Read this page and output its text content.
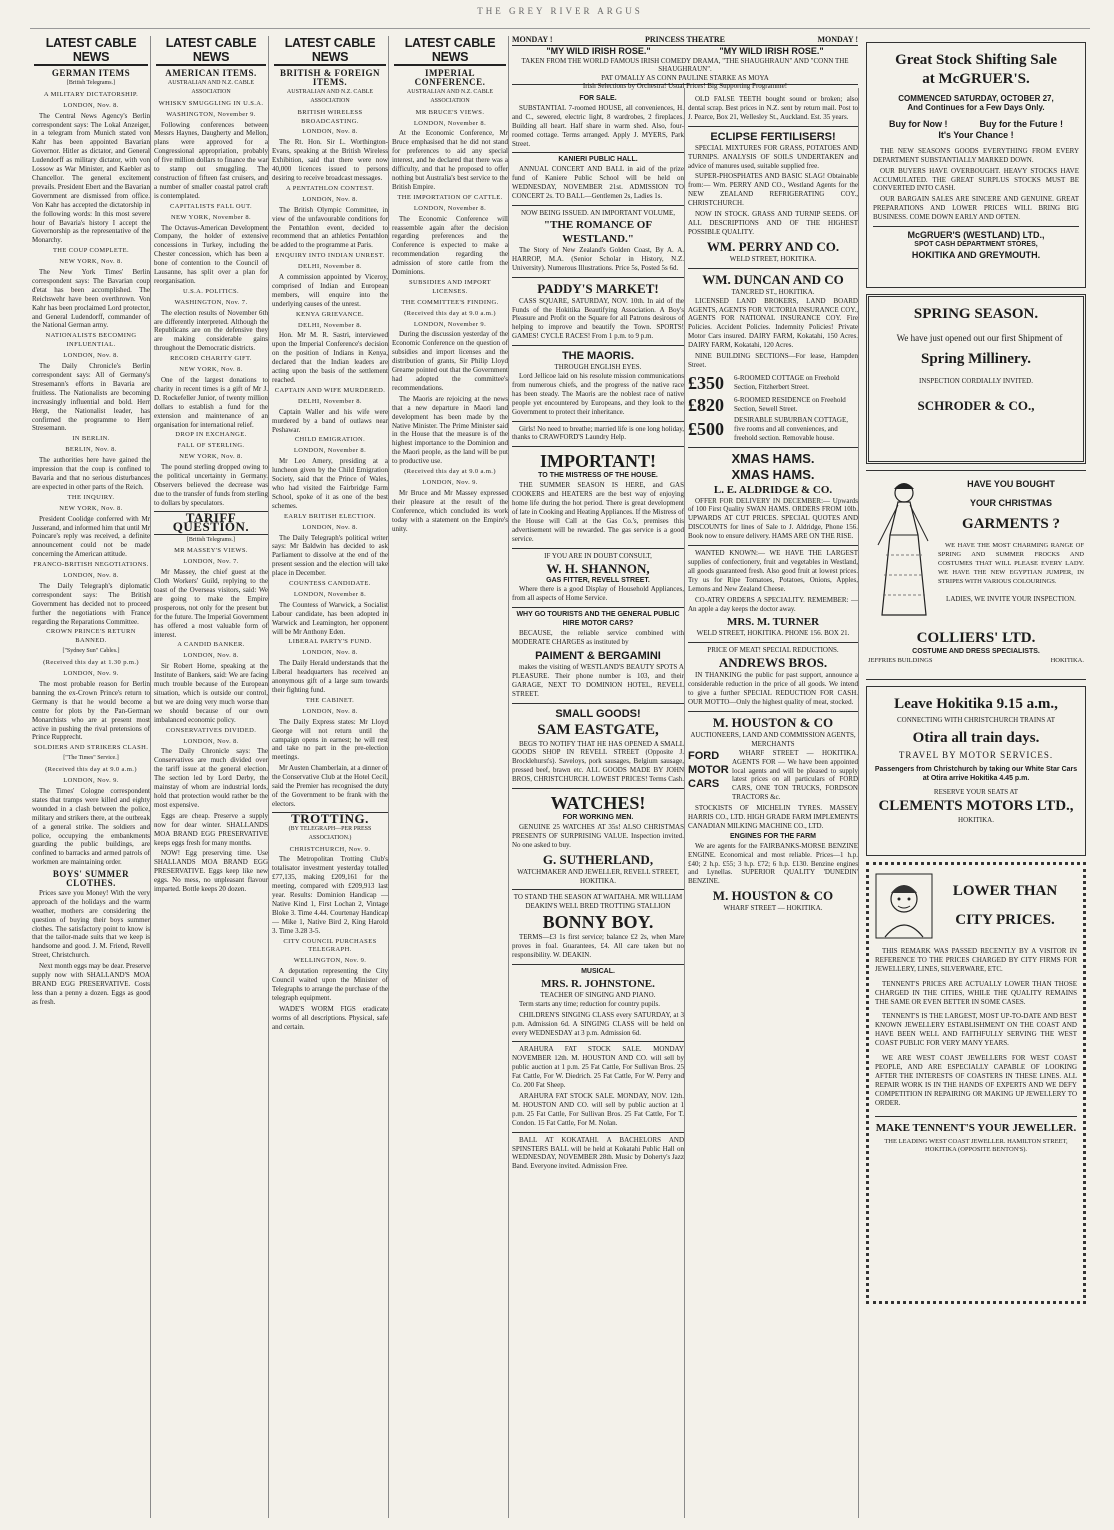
THE GREY RIVER ARGUS
LATEST CABLE NEWS
GERMAN ITEMS
[British Telegrams.]
A MILITARY DICTATORSHIP.
LONDON, Nov. 8.

The Central News Agency's Berlin correspondent says: The Lokal Anzeiger, in a telegram from Munich stated von Kahr has been appointed Bavarian Governor. Hitler as dictator, and General Ludendorff as military dictator, with von Lossow as War Minister, and Kaebler as Chancellor. The general excitement prevails. President Ebert and the Bavarian Government are dismissed from office. Von Kahr has accepted the dictatorship in the following words: In this most severe hour of Bavaria's history I accept the Governorship as the representative of the Monarchy.

THE COUP COMPLETE.
NEW YORK, Nov. 8.

The New York Times' Berlin correspondent says: The Bavarian coup d'etat has been accomplished. The Reichswehr have been overthrown. Von Kahr has been proclaimed Lord protector, and General Ludendorff, commander of the National German army.

NATIONALISTS BECOMING INFLUENTIAL.
LONDON, Nov. 8.

The Daily Chronicle's Berlin correspondent says: All of Germany's Stresemann's efforts in Bavaria are fruitless. The Nationalists are becoming increasingly influential and bold. Herr Hergt, the Nationalist leader, has confirmed the programme to Herr Stresemann.

IN BERLIN.
BERLIN, Nov. 8.

The authorities here have gained the impression that the coup is confined to Bavaria and that no serious disturbances are expected in other parts of the Reich.

THE INQUIRY.
NEW YORK, Nov. 8.

President Coolidge conferred with Mr Jusserand, and informed him that until Mr Poincare's reply was received, a definite announcement could not be made concerning the American attitude.

FRANCO-BRITISH NEGOTIATIONS.
LONDON, Nov. 8.

The Daily Telegraph's diplomatic correspondent says: The British Government has decided not to proceed further the negotiations with France regarding the Reparations Committee.

CROWN PRINCE'S RETURN BANNED.
["Sydney Sun" Cables.]
(Received this day at 1.30 p.m.)
LONDON, Nov. 9.

The most probable reason for Berlin banning the ex-Crown Prince's return to Germany is that he would become a centre for plots by the Pan-German Monarchists who are at present most active in pushing the rival pretensions of Prince Rupprecht.

SOLDIERS AND STRIKERS CLASH.
["The Times" Service.]
(Received this day at 9.0 a.m.)
LONDON, Nov. 9.

The Times' Cologne correspondent states that tramps were killed and eighty wounded in a clash between the police, military and strikers there, at the outbreak of a general strike. The soldiers and police, occupying the embankments guarding the public buildings, are confined to barracks and armed patrols of workmen are maintaining order.

BOYS' SUMMER CLOTHES.

Prices save you Money! With the very approach of the holidays and the warm weather, mothers are considering the question of buying their boys summer clothes. The satisfactory point to know is that the tailor-made suits that we keep is handsome and good. J. M. Friend, Revell Street, Christchurch.

Next month eggs may be dear. Preserve supply now with SHALLAND'S MOA BRAND EGG PRESERVATIVE. Costs less than a penny a dozen. Eggs as good as fresh.

LATEST CABLE NEWS
AMERICAN ITEMS.
AUSTRALIAN AND N.Z. CABLE ASSOCIATION
WHISKY SMUGGLING IN U.S.A.
WASHINGTON, November 9.

Following conferences between Messrs Haynes, Daugherty and Mellon, plans were approved for a Congressional appropriation, probably of five million dollars to finance the war to stamp out smuggling. The construction of fifteen fast cruisers, and a number of smaller coastal patrol craft is contemplated.

CAPITALISTS FALL OUT.
NEW YORK, November 8.

The Octavus-American Development Company, the holder of extensive concessions in Turkey, including the Chester concession, which has been a bone of contention to the Council of Lausanne, has split over a plan for reorganisation.

U.S.A. POLITICS.
WASHINGTON, Nov. 7.

The election results of November 6th are differently interpreted. Although the Republicans are on the defensive they are making considerable gains throughout the Democratic districts.

RECORD CHARITY GIFT.
NEW YORK, Nov. 8.

One of the largest donations to charity in recent times is a gift of Mr J. D. Rockefeller Junior, of twenty million dollars to establish a fund for the extension and maintenance of an organisation for international relief.

DROP IN EXCHANGE.
FALL OF STERLING.
NEW YORK, Nov. 8.

The pound sterling dropped owing to the political uncertainty in Germany. Observers believed the decrease was due to the transfer of funds from sterling to dollars by speculators.

TARIFF QUESTION.
[British Telegrams.]
MR MASSEY'S VIEWS.
LONDON, Nov. 7.

Mr Massey, the chief guest at the Cloth Workers' Guild, replying to the toast of the Overseas visitors, said: We are going to make the Empire prosperous, not only for the present but for the future. The Imperial Government has offered a most valuable form of interest.

A CANDID BANKER.
LONDON, Nov. 8.

Sir Robert Horne, speaking at the Institute of Bankers, said: We are facing much trouble because of the European situation, which is outside our control, but we are doing very much worse than we should because of our own imbalanced economic policy.

CONSERVATIVES DIVIDED.
LONDON, Nov. 8.

The Daily Chronicle says: The Conservatives are much divided over the tariff issue at the general election. The section led by Lord Derby, the mainstay of whom are industrial lords, hold that protection would rather be the most expensive.

Eggs are cheap. Preserve a supply now for dear winter. SHALLANDS MOA BRAND EGG PRESERVATIVE keeps eggs fresh for many months.

NOW! Egg preserving time. Use SHALLANDS MOA BRAND EGG PRESERVATIVE. Eggs keep like new eggs. No mess, no unpleasant flavour imparted. Bottle keeps 20 dozen.

LATEST CABLE NEWS
BRITISH & FOREIGN ITEMS.
AUSTRALIAN AND N.Z. CABLE ASSOCIATION
BRITISH WIRELESS BROADCASTING.
LONDON, Nov. 8.

The Rt. Hon. Sir L. Worthington-Evans, speaking at the British Wireless Exhibition, said that there were now 40,000 licences issued to persons desiring to receive broadcast messages.

A PENTATHLON CONTEST.
LONDON, Nov. 8.

The British Olympic Committee, in view of the unfavourable conditions for the Pentathlon event, decided to recommend that an athletics Pentathlon be added to the programme at Paris.

ENQUIRY INTO INDIAN UNREST.
DELHI, November 8.

A commission appointed by Viceroy, comprised of Indian and European members, will enquire into the underlying causes of the unrest.

KENYA GRIEVANCE.
DELHI, November 8.

Hon. Mr M. R. Sastri, interviewed upon the Imperial Conference's decision on the position of Indians in Kenya, declared that the Indian leaders are acting upon the basis of the settlement reached.

CAPTAIN AND WIFE MURDERED.
DELHI, November 8.

Captain Waller and his wife were murdered by a band of outlaws near Peshawar.

CHILD EMIGRATION.
LONDON, November 8.

Mr Leo Amery, presiding at a luncheon given by the Child Emigration Society, said that the Prince of Wales, who had visited the Fairbridge Farm School, spoke of it as one of the best schemes.

EARLY BRITISH ELECTION.
LONDON, Nov. 8.

The Daily Telegraph's political writer says: Mr Baldwin has decided to ask Parliament to dissolve at the end of the present session and the election will take place in December.

COUNTESS CANDIDATE.
LONDON, November 8.

The Countess of Warwick, a Socialist Labour candidate, has been adopted in Warwick and Leamington, her opponent will be Mr Anthony Eden.

LIBERAL PARTY'S FUND.
LONDON, Nov. 8.

The Daily Herald understands that the Liberal headquarters has received an anonymous gift of a large sum towards their fighting fund.

THE CABINET.
LONDON, Nov. 8.

The Daily Express states: Mr Lloyd George will not return until the campaign opens in earnest; he will rest and take no part in the pre-election meetings.

Mr Austen Chamberlain, at a dinner of the Conservative Club at the Hotel Cecil, said the Premier has recognised the duty of the Government to be frank with the electors.

TROTTING.
(BY TELEGRAPH—PER PRESS ASSOCIATION.)
CHRISTCHURCH, Nov. 9.

The Metropolitan Trotting Club's totalisator investment yesterday totalled £77,135, making £209,161 for the meeting, compared with £209,913 last year. Results: Dominion Handicap — Native Kind 1, First Lochan 2, Vintage Bloke 3. Time 4.44. Courtenay Handicap — Mike 1, Native Bird 2, King Harold 3. Time 3.28 3-5.

CITY COUNCIL PURCHASES TELEGRAPH.
WELLINGTON, Nov. 9.

A deputation representing the City Council waited upon the Minister of Telegraphs to arrange the purchase of the telegraph equipment.

WADE'S WORM FIGS eradicate worms of all descriptions. Physical, safe and certain.

LATEST CABLE NEWS
IMPERIAL CONFERENCE.
AUSTRALIAN AND N.Z. CABLE ASSOCIATION
MR BRUCE'S VIEWS.
LONDON, November 8.

At the Economic Conference, Mr Bruce emphasised that he did not stand for preferences to aid any special interest, and he declared that there was a difficulty, and that he proposed to offer nothing but Australia's best service to the British Empire.

THE IMPORTATION OF CATTLE.
LONDON, November 8.

The Economic Conference will reassemble again after the decision regarding preferences and the Conference is expected to make a recommendation regarding the admission of store cattle from the Dominions.

SUBSIDIES AND IMPORT LICENSES.
THE COMMITTEE'S FINDING.
(Received this day at 9.0 a.m.)
LONDON, November 9.

During the discussion yesterday of the Economic Conference on the question of subsidies and import licenses and the distribution of grants, Sir Philip Lloyd Greame pointed out that the Government had adopted the committee's recommendations.

The Maoris are rejoicing at the news that a new departure in Maori land development has been made by the Native Minister. The Prime Minister said in the House that the measure is of the highest importance to the Dominion and the Maori people, as the land will be put to productive use.

(Received this day at 9.0 a.m.)
LONDON, Nov. 9.

Mr Bruce and Mr Massey expressed their pleasure at the result of the Conference, which concluded its work today with a statement on the Empire's unity.

MONDAY !	PRINCESS THEATRE	MONDAY !
"MY WILD IRISH ROSE."	"MY WILD IRISH ROSE."
TAKEN FROM THE WORLD FAMOUS IRISH COMEDY DRAMA, "THE SHAUGHRAUN" AND "CONN THE SHAUGHRAUN".
PAT O'MALLY AS CONN PAULINE STARKE AS MOYA
Irish Selections by Orchestra! Usual Prices! Big Supporting Programme!
FOR SALE.

SUBSTANTIAL 7-roomed HOUSE, all conveniences, H. and C., sewered, electric light, 8 wardrobes, 2 fireplaces. Building all heart. Half share in warm shed. Also, four-roomed cottage. Terms arranged. Apply J. MYERS, Park Street.

KANIERI PUBLIC HALL.

ANNUAL CONCERT AND BALL in aid of the prize fund of Kaniere Public School will be held on WEDNESDAY, NOVEMBER 21st. ADMISSION TO CONCERT 2s. TO BALL—Gentlemen 2s, Ladies 1s.

NOW BEING ISSUED. AN IMPORTANT VOLUME,
"THE ROMANCE OF WESTLAND."

The Story of New Zealand's Golden Coast, By A. A. HARROP, M.A. (Senior Scholar in History, N.Z. University). Numerous Illustrations. Price 5s, Posted 5s 6d.

PADDY'S MARKET!

CASS SQUARE, SATURDAY, NOV. 10th. In aid of the Funds of the Hokitika Beautifying Association. A Boy's Pleasure and Profit on the Square for all Patrons desirous of helping to improve and beautify the Town. SPORTS! GAMES! CYCLE RACES! From 1 p.m. to 9 p.m.

THE MAORIS.
THROUGH ENGLISH EYES.

Lord Jellicoe laid on his resolute mission communications from numerous chiefs, and the progress of the native race has been steady. The Maoris are the noblest race of native people yet encountered by Europeans, and they look to the Government to protect their inheritance.

Girls! No need to breathe; married life is one long holiday, thanks to CRAWFORD'S Laundry Help.

IMPORTANT!
TO THE MISTRESS OF THE HOUSE.

THE SUMMER SEASON IS HERE, and GAS COOKERS and HEATERS are the best way of enjoying home life during the hot period. There is great development of late in Cooking and Heating Appliances. If the Mistress of the House will Call at the Gas Co.'s, premises this advertisement will be rewarded. The gas service is a good service.

IF YOU ARE IN DOUBT CONSULT,
W. H. SHANNON,
GAS FITTER, REVELL STREET.

Where there is a good Display of Household Appliances, from all aspects of Home Service.

WHY GO TOURISTS AND THE GENERAL PUBLIC HIRE MOTOR CARS?

BECAUSE, the reliable service combined with MODERATE CHARGES as instituted by

PAIMENT & BERGAMINI

makes the visiting of WESTLAND'S BEAUTY SPOTS A PLEASURE. Their phone number is 103, and their GARAGE, NEXT TO DOMINION HOTEL, REVELL STREET.

SMALL GOODS!
SAM EASTGATE,

BEGS TO NOTIFY THAT HE HAS OPENED A SMALL GOODS SHOP IN REVELL STREET (Opposite J. Brocklehurst's). Saveloys, pork sausages, Belgium sausage, pressed beef, brawn etc. ALL GOODS MADE BY JOHN BROS, CHRISTCHURCH. LOWEST PRICES! Terms Cash.

WATCHES!
FOR WORKING MEN.

GENUINE 25 WATCHES AT 35s! ALSO CHRISTMAS PRESENTS OF SURPRISING VALUE. Inspection invited. No one asked to buy.

G. SUTHERLAND,
WATCHMAKER AND JEWELLER, REVELL STREET, HOKITIKA.
TO STAND THE SEASON AT WAITAHA. MR WILLIAM DEAKIN'S WELL BRED TROTTING STALLION
BONNY BOY.

TERMS—£3 1s first service; balance £2 2s, when Mare proves in foal. Guarantees, £4. All care taken but no responsibility. W. DEAKIN.

MUSICAL.
MRS. R. JOHNSTONE.
TEACHER OF SINGING AND PIANO.

Term starts any time; reduction for country pupils.

CHILDREN'S SINGING CLASS every SATURDAY, at 3 p.m. Admission 6d. A SINGING CLASS will be held on every WEDNESDAY at 3 p.m. Admission 6d.

ARAHURA FAT STOCK SALE. MONDAY NOVEMBER 12th. M. HOUSTON AND CO. will sell by public auction at 1 p.m. 25 Fat Cattle, For Sullivan Bros. 25 Fat Cattle, For W. Diedrich. 25 Fat Cattle, For W. Perry and Co. 200 Fat Sheep.

ARAHURA FAT STOCK SALE. MONDAY, NOV. 12th. M. HOUSTON AND CO. will sell by public auction at 1 p.m. 25 Fat Cattle, For Sullivan Bros. 25 Fat Cattle, For T. Condon. 15 Fat Cattle, For M. Nolan.

BALL AT KOKATAHI. A BACHELORS AND SPINSTERS BALL will be held at Kokatahi Public Hall on WEDNESDAY, NOVEMBER 28th. Music by Doherty's Jazz Band. Everyone invited. Admission Free.

OLD FALSE TEETH bought sound or broken; also dental scrap. Best prices in N.Z. sent by return mail. Post to J. Pearce, Box 21, Wellesley St., Auckland. Est. 35 years.

ECLIPSE FERTILISERS!

SPECIAL MIXTURES FOR GRASS, POTATOES AND TURNIPS. ANALYSIS OF SOILS UNDERTAKEN and advice of manures used, suitable supplied free.

SUPER-PHOSPHATES AND BASIC SLAG! Obtainable from:— Wm. PERRY AND CO., Westland Agents for the NEW ZEALAND REFRIGERATING COY., CHRISTCHURCH.

NOW IN STOCK. GRASS AND TURNIP SEEDS. OF ALL DESCRIPTIONS AND OF THE HIGHEST POSSIBLE QUALITY.

WM. PERRY AND CO.
WELD STREET, HOKITIKA.
WM. DUNCAN AND CO
TANCRED ST., HOKITIKA.

LICENSED LAND BROKERS, LAND BOARD AGENTS, AGENTS FOR VICTORIA INSURANCE COY., AGENTS FOR NATIONAL INSURANCE COY. Fire Policies. Accident Policies. Indemnity Policies! Private Motor Cars insured. DAIRY FARM, Kokatahi, 150 Acres. DAIRY FARM, Kokatahi, 120 Acres.

NINE BUILDING SECTIONS—For lease, Hampden Street.

£350	6-ROOMED COTTAGE on Freehold Section, Fitzherbert Street.
£820	6-ROOMED RESIDENCE on Freehold Section, Sewell Street.
£500	DESIRABLE SUBURBAN COTTAGE, five rooms and all conveniences, and freehold section. Removable house.
XMAS HAMS.
XMAS HAMS.
L. E. ALDRIDGE & CO.

OFFER FOR DELIVERY IN DECEMBER:— Upwards of 100 First Quality SWAN HAMS. ORDERS FROM 10lb. UPWARDS AT CUT PRICES. SPECIAL QUOTES AND DISCOUNTS for lines of Sale to J. Aldridge, Phone 156. Book now to ensure delivery. HAMS ARE ON THE RISE.

WANTED KNOWN:— WE HAVE THE LARGEST supplies of confectionery, fruit and vegetables in Westland, all goods guaranteed fresh. Also good fruit at lowest prices. Try us for Ripe Tomatoes, Potatoes, Onions, Apples, Lemons and New Zealand Cheese.

CO-ATRY ORDERS A SPECIALITY. REMEMBER: — An apple a day keeps the doctor away.

MRS. M. TURNER
WELD STREET, HOKITIKA. PHONE 156. BOX 21.
PRICE OF MEAT! SPECIAL REDUCTIONS.
ANDREWS BROS.

IN THANKING the public for past support, announce a considerable reduction in the price of all goods. We intend to give a further SPECIAL REDUCTION FOR CASH. OUR MOTTO—Only the highest quality of meat, stocked.

M. HOUSTON & CO
AUCTIONEERS, LAND AND COMMISSION AGENTS, MERCHANTS
FORD
MOTOR
CARS

WHARF STREET — HOKITIKA. AGENTS FOR — We have been appointed local agents and will be pleased to supply latest prices on all particulars of FORD CARS, ONE TON TRUCKS, FORDSON TRACTORS &c.

STOCKISTS OF MICHELIN TYRES. MASSEY HARRIS CO., LTD. HIGH GRADE FARM IMPLEMENTS CANADIAN MILKING MACHINE CO., LTD.

ENGINES FOR THE FARM

We are agents for the FAIRBANKS-MORSE BENZINE ENGINE. Economical and most reliable. Prices—1 h.p. £40; 2 h.p. £55; 3 h.p. £72; 6 h.p. £130. Benzine engines and Lynellas. SUPERIOR QUALITY 'DUNEDIN' BENZINE.

M. HOUSTON & CO
WHARF STREET — HOKITIKA.
Great Stock Shifting Sale
at McGRUER'S.
COMMENCED SATURDAY, OCTOBER 27,
And Continues for a Few Days Only.
Buy for Now !	Buy for the Future !
It's Your Chance !

THE NEW SEASON'S GOODS EVERYTHING FROM EVERY DEPARTMENT SUBSTANTIALLY MARKED DOWN.

OUR BUYERS HAVE OVERBOUGHT. HEAVY STOCKS HAVE ACCUMULATED. THE GREAT SURPLUS STOCKS MUST BE CONVERTED INTO CASH.

OUR BARGAIN SALES ARE SINCERE AND GENUINE. GREAT PREPARATIONS AND LOWER PRICES WILL BRING BIG BUSINESS. COME DOWN EARLY AND OFTEN.

McGRUER'S (WESTLAND) LTD.,
SPOT CASH DEPARTMENT STORES,
HOKITIKA AND GREYMOUTH.
SPRING SEASON.

We have just opened out our first Shipment of

Spring Millinery.
INSPECTION CORDIALLY INVITED.
SCHRODER & CO.,
HAVE YOU BOUGHT
YOUR CHRISTMAS
GARMENTS ?

WE HAVE THE MOST CHARMING RANGE OF SPRING AND SUMMER FROCKS AND COSTUMES THAT WILL PLEASE EVERY LADY. WE HAVE THE NEW EGYPTIAN JUMPER, IN STRIPES WITH VARIOUS COLOURINGS.

LADIES, WE INVITE YOUR INSPECTION.
COLLIERS' LTD.
COSTUME AND DRESS SPECIALISTS.
JEFFRIES BUILDINGS	HOKITIKA.
Leave Hokitika 9.15 a.m.,
CONNECTING WITH CHRISTCHURCH TRAINS AT
Otira all train days.
TRAVEL BY MOTOR SERVICES.
Passengers from Christchurch by taking our White Star Cars at Otira arrive Hokitika 4.45 p.m.
RESERVE YOUR SEATS AT
CLEMENTS MOTORS LTD.,
HOKITIKA.
LOWER THAN
CITY PRICES.

THIS REMARK WAS PASSED RECENTLY BY A VISITOR IN REFERENCE TO THE PRICES CHARGED BY CITY FIRMS FOR JEWELLERY, LINES, SILVERWARE, ETC.

TENNENT'S PRICES ARE ACTUALLY LOWER THAN THOSE CHARGED IN THE CITIES, WHILE THE QUALITY REMAINS THE SAME OR EVEN BETTER IN SOME CASES.

TENNENT'S IS THE LARGEST, MOST UP-TO-DATE AND BEST KNOWN JEWELLERY ESTABLISHMENT ON THE COAST AND HAVE BEEN WELL AND FAITHFULLY SERVING THE WEST COAST PUBLIC FOR VERY MANY YEARS.

WE ARE WEST COAST JEWELLERS FOR WEST COAST PEOPLE, AND ARE ESPECIALLY CAPABLE OF LOOKING AFTER THE INTERESTS OF COASTERS IN THESE LINES. ALL REPAIR WORK IS IN THE HANDS OF EXPERTS AND WE DEFY COMPETITION IN REPAIRING OR MAKING UP JEWELLERY TO ORDER.

MAKE TENNENT'S YOUR JEWELLER.
THE LEADING WEST COAST JEWELLER. HAMILTON STREET, HOKITIKA (OPPOSITE BENTON'S).
